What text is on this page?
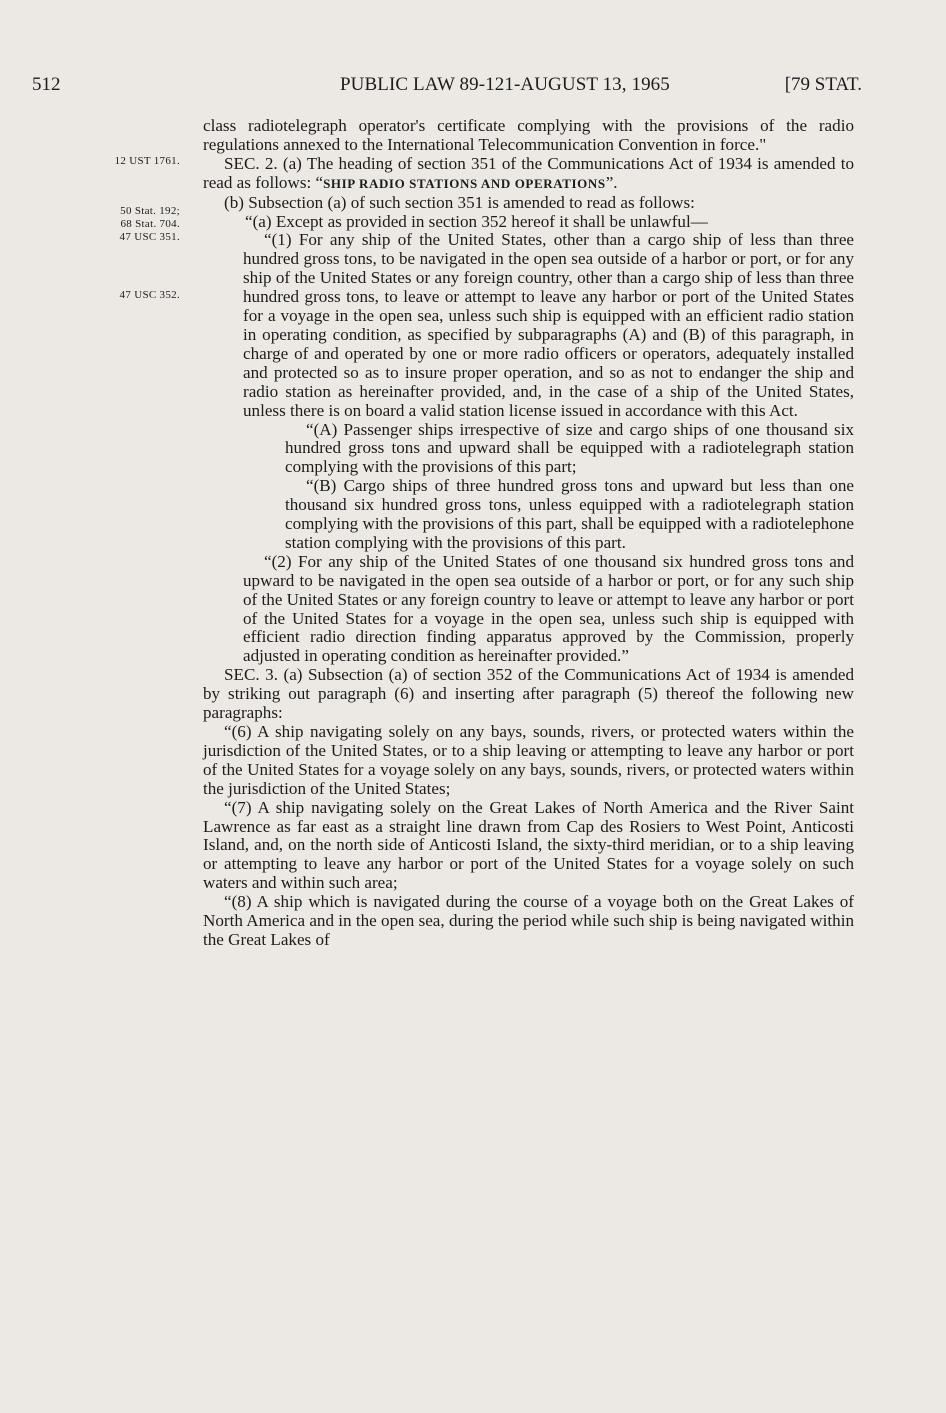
512	PUBLIC LAW 89-121-AUGUST 13, 1965	[79 STAT.
12 UST 1761.
50 Stat. 192;
68 Stat. 704.
47 USC 351.
47 USC 352.

class radiotelegraph operator's certificate complying with the provisions of the radio regulations annexed to the International Telecommunication Convention in force."

SEC. 2. (a) The heading of section 351 of the Communications Act of 1934 is amended to read as follows: “SHIP RADIO STATIONS AND OPERATIONS”.

(b) Subsection (a) of such section 351 is amended to read as follows:

“(a) Except as provided in section 352 hereof it shall be unlawful—

“(1) For any ship of the United States, other than a cargo ship of less than three hundred gross tons, to be navigated in the open sea outside of a harbor or port, or for any ship of the United States or any foreign country, other than a cargo ship of less than three hundred gross tons, to leave or attempt to leave any harbor or port of the United States for a voyage in the open sea, unless such ship is equipped with an efficient radio station in operating condition, as specified by subparagraphs (A) and (B) of this paragraph, in charge of and operated by one or more radio officers or operators, adequately installed and protected so as to insure proper operation, and so as not to endanger the ship and radio station as hereinafter provided, and, in the case of a ship of the United States, unless there is on board a valid station license issued in accordance with this Act.

“(A) Passenger ships irrespective of size and cargo ships of one thousand six hundred gross tons and upward shall be equipped with a radiotelegraph station complying with the provisions of this part;

“(B) Cargo ships of three hundred gross tons and upward but less than one thousand six hundred gross tons, unless equipped with a radiotelegraph station complying with the provisions of this part, shall be equipped with a radiotelephone station complying with the provisions of this part.

“(2) For any ship of the United States of one thousand six hundred gross tons and upward to be navigated in the open sea outside of a harbor or port, or for any such ship of the United States or any foreign country to leave or attempt to leave any harbor or port of the United States for a voyage in the open sea, unless such ship is equipped with efficient radio direction finding apparatus approved by the Commission, properly adjusted in operating condition as hereinafter provided.”

SEC. 3. (a) Subsection (a) of section 352 of the Communications Act of 1934 is amended by striking out paragraph (6) and inserting after paragraph (5) thereof the following new paragraphs:

“(6) A ship navigating solely on any bays, sounds, rivers, or protected waters within the jurisdiction of the United States, or to a ship leaving or attempting to leave any harbor or port of the United States for a voyage solely on any bays, sounds, rivers, or protected waters within the jurisdiction of the United States;

“(7) A ship navigating solely on the Great Lakes of North America and the River Saint Lawrence as far east as a straight line drawn from Cap des Rosiers to West Point, Anticosti Island, and, on the north side of Anticosti Island, the sixty-third meridian, or to a ship leaving or attempting to leave any harbor or port of the United States for a voyage solely on such waters and within such area;

“(8) A ship which is navigated during the course of a voyage both on the Great Lakes of North America and in the open sea, during the period while such ship is being navigated within the Great Lakes of
